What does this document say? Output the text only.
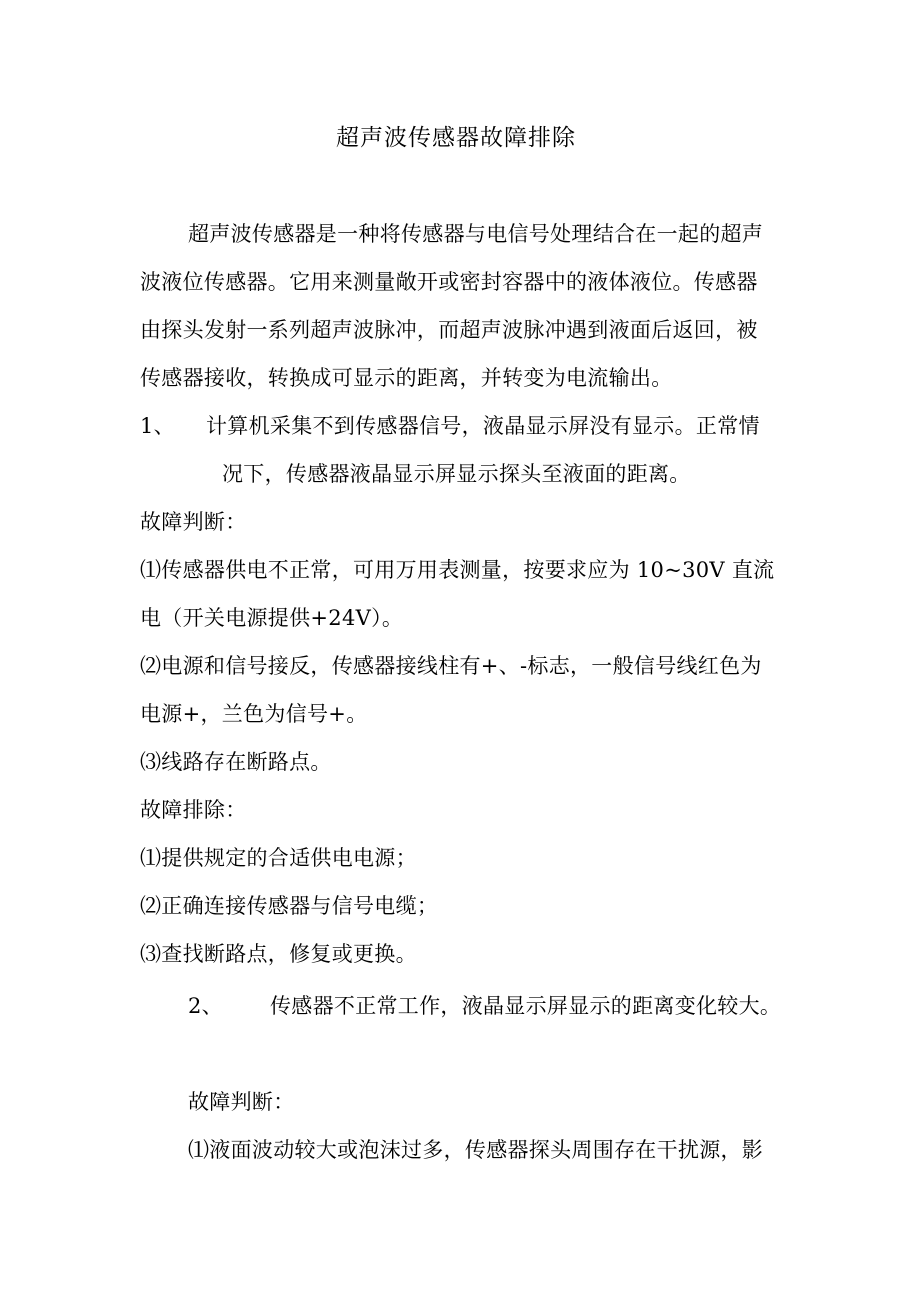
超声波传感器故障排除
超声波传感器是一种将传感器与电信号处理结合在一起的超声
波液位传感器。它用来测量敞开或密封容器中的液体液位。传感器
由探头发射一系列超声波脉冲，而超声波脉冲遇到液面后返回，被
传感器接收，转换成可显示的距离，并转变为电流输出。
1、 计算机采集不到传感器信号，液晶显示屏没有显示。正常情
况下，传感器液晶显示屏显示探头至液面的距离。
故障判断：
⑴传感器供电不正常，可用万用表测量，按要求应为 10~30V 直流
电（开关电源提供+24V）。
⑵电源和信号接反，传感器接线柱有+、-标志，一般信号线红色为
电源+，兰色为信号+。
⑶线路存在断路点。
故障排除：
⑴提供规定的合适供电电源；
⑵正确连接传感器与信号电缆；
⑶查找断路点，修复或更换。
2、 传感器不正常工作，液晶显示屏显示的距离变化较大。
故障判断：
⑴液面波动较大或泡沫过多，传感器探头周围存在干扰源，影
